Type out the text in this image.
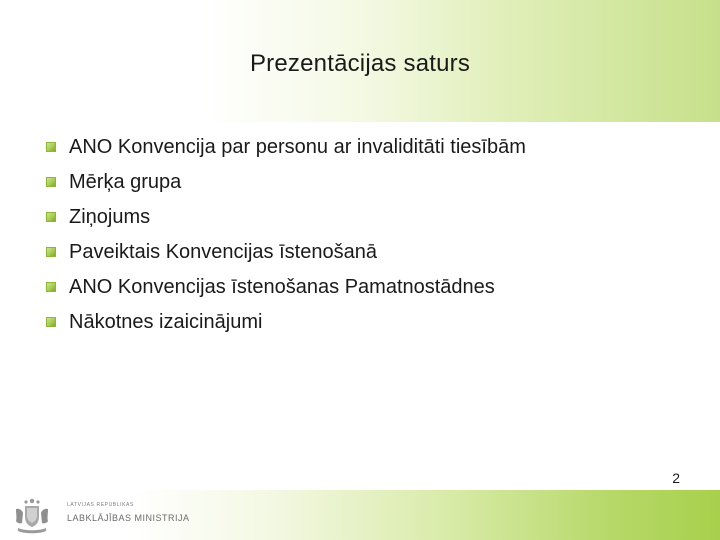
Prezentācijas saturs
ANO Konvencija par personu ar invaliditāti tiesībām
Mērķa grupa
Ziņojums
Paveiktais Konvencijas īstenošanā
ANO Konvencijas īstenošanas Pamatnostādnes
Nākotnes izaicinājumi
LATVIJAS REPUBLIKAS
LABKLĀJĪBAS MINISTRIJA
2
